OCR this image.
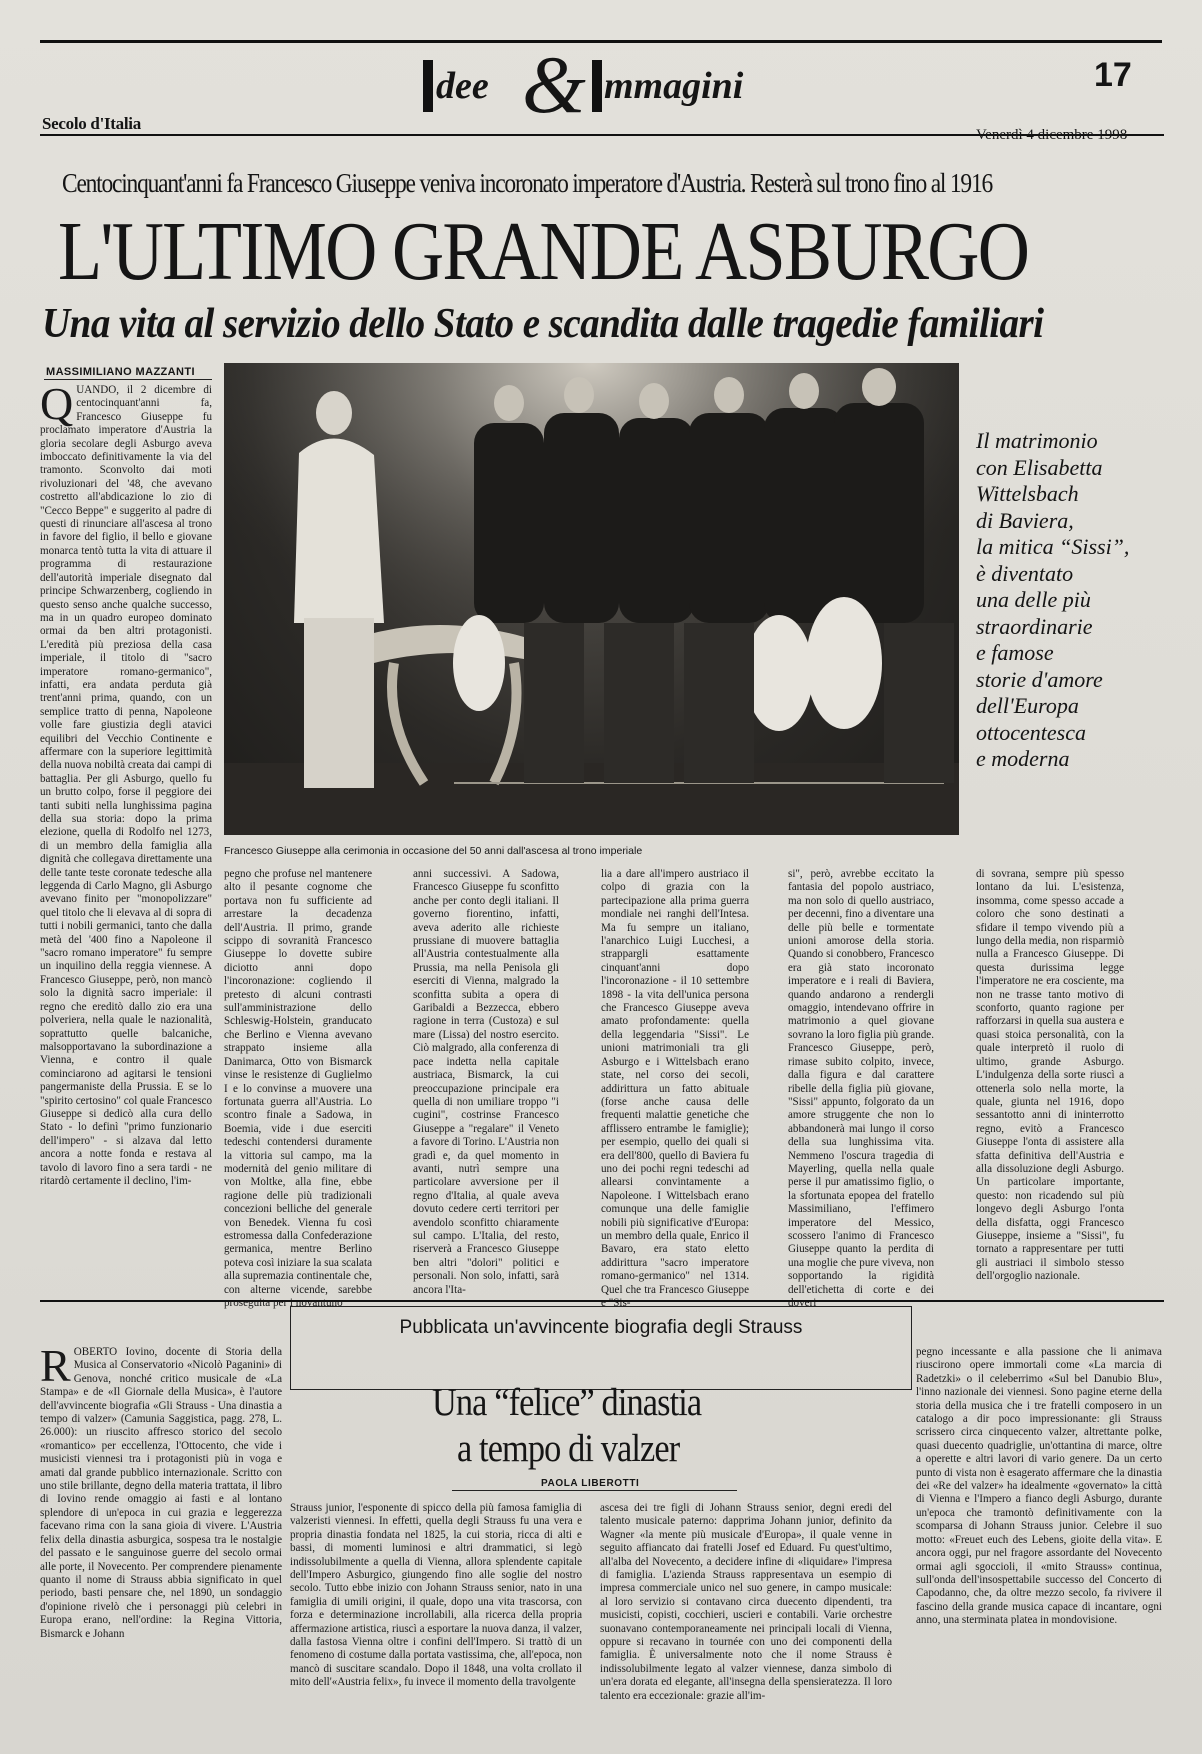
dee & mmagini	17
Secolo d'Italia
Venerdì 4 dicembre 1998
Centocinquant'anni fa Francesco Giuseppe veniva incoronato imperatore d'Austria. Resterà sul trono fino al 1916
L'ULTIMO GRANDE ASBURGO
Una vita al servizio dello Stato e scandita dalle tragedie familiari
MASSIMILIANO MAZZANTI
Q UANDO, il 2 dicembre di centocinquant'anni fa, Francesco Giuseppe fu proclamato imperatore d'Austria la gloria secolare degli Asburgo aveva imboccato definitivamente la via del tramonto. Sconvolto dai moti rivoluzionari del '48, che avevano costretto all'abdicazione lo zio di "Cecco Beppe" e suggerito al padre di questi di rinunciare all'ascesa al trono in favore del figlio, il bello e giovane monarca tentò tutta la vita di attuare il programma di restaurazione dell'autorità imperiale disegnato dal principe Schwarzenberg, cogliendo in questo senso anche qualche successo, ma in un quadro europeo dominato ormai da ben altri protagonisti. L'eredità più preziosa della casa imperiale, il titolo di "sacro imperatore romano-germanico", infatti, era andata perduta già trent'anni prima, quando, con un semplice tratto di penna, Napoleone volle fare giustizia degli atavici equilibri del Vecchio Continente e affermare con la superiore legittimità della nuova nobiltà creata dai campi di battaglia. Per gli Asburgo, quello fu un brutto colpo, forse il peggiore dei tanti subiti nella lunghissima pagina della sua storia: dopo la prima elezione, quella di Rodolfo nel 1273, di un membro della famiglia alla dignità che collegava direttamente una delle tante teste coronate tedesche alla leggenda di Carlo Magno, gli Asburgo avevano finito per "monopolizzare" quel titolo che li elevava al di sopra di tutti i nobili germanici, tanto che dalla metà del '400 fino a Napoleone il "sacro romano imperatore" fu sempre un inquilino della reggia viennese. A Francesco Giuseppe, però, non mancò solo la dignità sacro imperiale: il regno che ereditò dallo zio era una polveriera, nella quale le nazionalità, soprattutto quelle balcaniche, malsopportavano la subordinazione a Vienna, e contro il quale cominciarono ad agitarsi le tensioni pangermaniste della Prussia. E se lo "spirito certosino" col quale Francesco Giuseppe si dedicò alla cura dello Stato - lo definì "primo funzionario dell'impero" - si alzava dal letto ancora a notte fonda e restava al tavolo di lavoro fino a sera tardi - ne ritardò certamente il declino, l'im-
Francesco Giuseppe alla cerimonia in occasione del 50 anni dall'ascesa al trono imperiale
Il matrimonio
con Elisabetta
Wittelsbach
di Baviera,
la mitica “Sissi”,
è diventato
una delle più
straordinarie
e famose
storie d'amore
dell'Europa
ottocentesca
e moderna
pegno che profuse nel mantenere alto il pesante cognome che portava non fu sufficiente ad arrestare la decadenza dell'Austria. Il primo, grande scippo di sovranità Francesco Giuseppe lo dovette subire diciotto anni dopo l'incoronazione: cogliendo il pretesto di alcuni contrasti sull'amministrazione dello Schleswig-Holstein, granducato che Berlino e Vienna avevano strappato insieme alla Danimarca, Otto von Bismarck vinse le resistenze di Guglielmo I e lo convinse a muovere una fortunata guerra all'Austria. Lo scontro finale a Sadowa, in Boemia, vide i due eserciti tedeschi contendersi duramente la vittoria sul campo, ma la modernità del genio militare di von Moltke, alla fine, ebbe ragione delle più tradizionali concezioni belliche del generale von Benedek. Vienna fu così estromessa dalla Confederazione germanica, mentre Berlino poteva così iniziare la sua scalata alla supremazia continentale che, con alterne vicende, sarebbe proseguita per i novantuno
anni successivi. A Sadowa, Francesco Giuseppe fu sconfitto anche per conto degli italiani. Il governo fiorentino, infatti, aveva aderito alle richieste prussiane di muovere battaglia all'Austria contestualmente alla Prussia, ma nella Penisola gli eserciti di Vienna, malgrado la sconfitta subita a opera di Garibaldi a Bezzecca, ebbero ragione in terra (Custoza) e sul mare (Lissa) del nostro esercito. Ciò malgrado, alla conferenza di pace indetta nella capitale austriaca, Bismarck, la cui preoccupazione principale era quella di non umiliare troppo "i cugini", costrinse Francesco Giuseppe a "regalare" il Veneto a favore di Torino. L'Austria non gradì e, da quel momento in avanti, nutrì sempre una particolare avversione per il regno d'Italia, al quale aveva dovuto cedere certi territori per avendolo sconfitto chiaramente sul campo. L'Italia, del resto, riserverà a Francesco Giuseppe ben altri "dolori" politici e personali. Non solo, infatti, sarà ancora l'Ita-
lia a dare all'impero austriaco il colpo di grazia con la partecipazione alla prima guerra mondiale nei ranghi dell'Intesa. Ma fu sempre un italiano, l'anarchico Luigi Lucchesi, a strappargli esattamente cinquant'anni dopo l'incoronazione - il 10 settembre 1898 - la vita dell'unica persona che Francesco Giuseppe aveva amato profondamente: quella della leggendaria "Sissi". Le unioni matrimoniali tra gli Asburgo e i Wittelsbach erano state, nel corso dei secoli, addirittura un fatto abituale (forse anche causa delle frequenti malattie genetiche che afflissero entrambe le famiglie); per esempio, quello dei quali si era dell'800, quello di Baviera fu uno dei pochi regni tedeschi ad allearsi convintamente a Napoleone. I Wittelsbach erano comunque una delle famiglie nobili più significative d'Europa: un membro della quale, Enrico il Bavaro, era stato eletto addirittura "sacro imperatore romano-germanico" nel 1314. Quel che tra Francesco Giuseppe e "Sis-
si", però, avrebbe eccitato la fantasia del popolo austriaco, ma non solo di quello austriaco, per decenni, fino a diventare una delle più belle e tormentate unioni amorose della storia. Quando si conobbero, Francesco era già stato incoronato imperatore e i reali di Baviera, quando andarono a rendergli omaggio, intendevano offrire in matrimonio a quel giovane sovrano la loro figlia più grande. Francesco Giuseppe, però, rimase subito colpito, invece, dalla figura e dal carattere ribelle della figlia più giovane, "Sissi" appunto, folgorato da un amore struggente che non lo abbandonerà mai lungo il corso della sua lunghissima vita. Nemmeno l'oscura tragedia di Mayerling, quella nella quale perse il pur amatissimo figlio, o la sfortunata epopea del fratello Massimiliano, l'effimero imperatore del Messico, scossero l'animo di Francesco Giuseppe quanto la perdita di una moglie che pure viveva, non sopportando la rigidità dell'etichetta di corte e dei doveri
di sovrana, sempre più spesso lontano da lui. L'esistenza, insomma, come spesso accade a coloro che sono destinati a sfidare il tempo vivendo più a lungo della media, non risparmiò nulla a Francesco Giuseppe. Di questa durissima legge l'imperatore ne era cosciente, ma non ne trasse tanto motivo di sconforto, quanto ragione per rafforzarsi in quella sua austera e quasi stoica personalità, con la quale interpretò il ruolo di ultimo, grande Asburgo. L'indulgenza della sorte riuscì a ottenerla solo nella morte, la quale, giunta nel 1916, dopo sessantotto anni di ininterrotto regno, evitò a Francesco Giuseppe l'onta di assistere alla sfatta definitiva dell'Austria e alla dissoluzione degli Asburgo. Un particolare importante, questo: non ricadendo sul più longevo degli Asburgo l'onta della disfatta, oggi Francesco Giuseppe, insieme a "Sissi", fu tornato a rappresentare per tutti gli austriaci il simbolo stesso dell'orgoglio nazionale.
Pubblicata un'avvincente biografia degli Strauss
Una “felice” dinastia
a tempo di valzer
PAOLA LIBEROTTI
R OBERTO Iovino, docente di Storia della Musica al Conservatorio «Nicolò Paganini» di Genova, nonché critico musicale de «La Stampa» e de «Il Giornale della Musica», è l'autore dell'avvincente biografia «Gli Strauss - Una dinastia a tempo di valzer» (Camunia Saggistica, pagg. 278, L. 26.000): un riuscito affresco storico del secolo «romantico» per eccellenza, l'Ottocento, che vide i musicisti viennesi tra i protagonisti più in voga e amati dal grande pubblico internazionale. Scritto con uno stile brillante, degno della materia trattata, il libro di Iovino rende omaggio ai fasti e al lontano splendore di un'epoca in cui grazia e leggerezza facevano rima con la sana gioia di vivere. L'Austria felix della dinastia asburgica, sospesa tra le nostalgie del passato e le sanguinose guerre del secolo ormai alle porte, il Novecento. Per comprendere pienamente quanto il nome di Strauss abbia significato in quel periodo, basti pensare che, nel 1890, un sondaggio d'opinione rivelò che i personaggi più celebri in Europa erano, nell'ordine: la Regina Vittoria, Bismarck e Johann
Strauss junior, l'esponente di spicco della più famosa famiglia di valzeristi viennesi. In effetti, quella degli Strauss fu una vera e propria dinastia fondata nel 1825, la cui storia, ricca di alti e bassi, di momenti luminosi e altri drammatici, si legò indissolubilmente a quella di Vienna, allora splendente capitale dell'Impero Asburgico, giungendo fino alle soglie del nostro secolo. Tutto ebbe inizio con Johann Strauss senior, nato in una famiglia di umili origini, il quale, dopo una vita trascorsa, con forza e determinazione incrollabili, alla ricerca della propria affermazione artistica, riuscì a esportare la nuova danza, il valzer, dalla fastosa Vienna oltre i confini dell'Impero. Si trattò di un fenomeno di costume dalla portata vastissima, che, all'epoca, non mancò di suscitare scandalo. Dopo il 1848, una volta crollato il mito dell'«Austria felix», fu invece il momento della travolgente
ascesa dei tre figli di Johann Strauss senior, degni eredi del talento musicale paterno: dapprima Johann junior, definito da Wagner «la mente più musicale d'Europa», il quale venne in seguito affiancato dai fratelli Josef ed Eduard. Fu quest'ultimo, all'alba del Novecento, a decidere infine di «liquidare» l'impresa di famiglia. L'azienda Strauss rappresentava un esempio di impresa commerciale unico nel suo genere, in campo musicale: al loro servizio si contavano circa duecento dipendenti, tra musicisti, copisti, cocchieri, uscieri e contabili. Varie orchestre suonavano contemporaneamente nei principali locali di Vienna, oppure si recavano in tournée con uno dei componenti della famiglia. È universalmente noto che il nome Strauss è indissolubilmente legato al valzer viennese, danza simbolo di un'era dorata ed elegante, all'insegna della spensieratezza. Il loro talento era eccezionale: grazie all'im-
pegno incessante e alla passione che li animava riuscirono opere immortali come «La marcia di Radetzki» o il celeberrimo «Sul bel Danubio Blu», l'inno nazionale dei viennesi. Sono pagine eterne della storia della musica che i tre fratelli composero in un catalogo a dir poco impressionante: gli Strauss scrissero circa cinquecento valzer, altrettante polke, quasi duecento quadriglie, un'ottantina di marce, oltre a operette e altri lavori di vario genere. Da un certo punto di vista non è esagerato affermare che la dinastia dei «Re del valzer» ha idealmente «governato» la città di Vienna e l'Impero a fianco degli Asburgo, durante un'epoca che tramontò definitivamente con la scomparsa di Johann Strauss junior. Celebre il suo motto: «Freuet euch des Lebens, gioite della vita». E ancora oggi, pur nel fragore assordante del Novecento ormai agli sgoccioli, il «mito Strauss» continua, sull'onda dell'insospettabile successo del Concerto di Capodanno, che, da oltre mezzo secolo, fa rivivere il fascino della grande musica capace di incantare, ogni anno, una sterminata platea in mondovisione.
